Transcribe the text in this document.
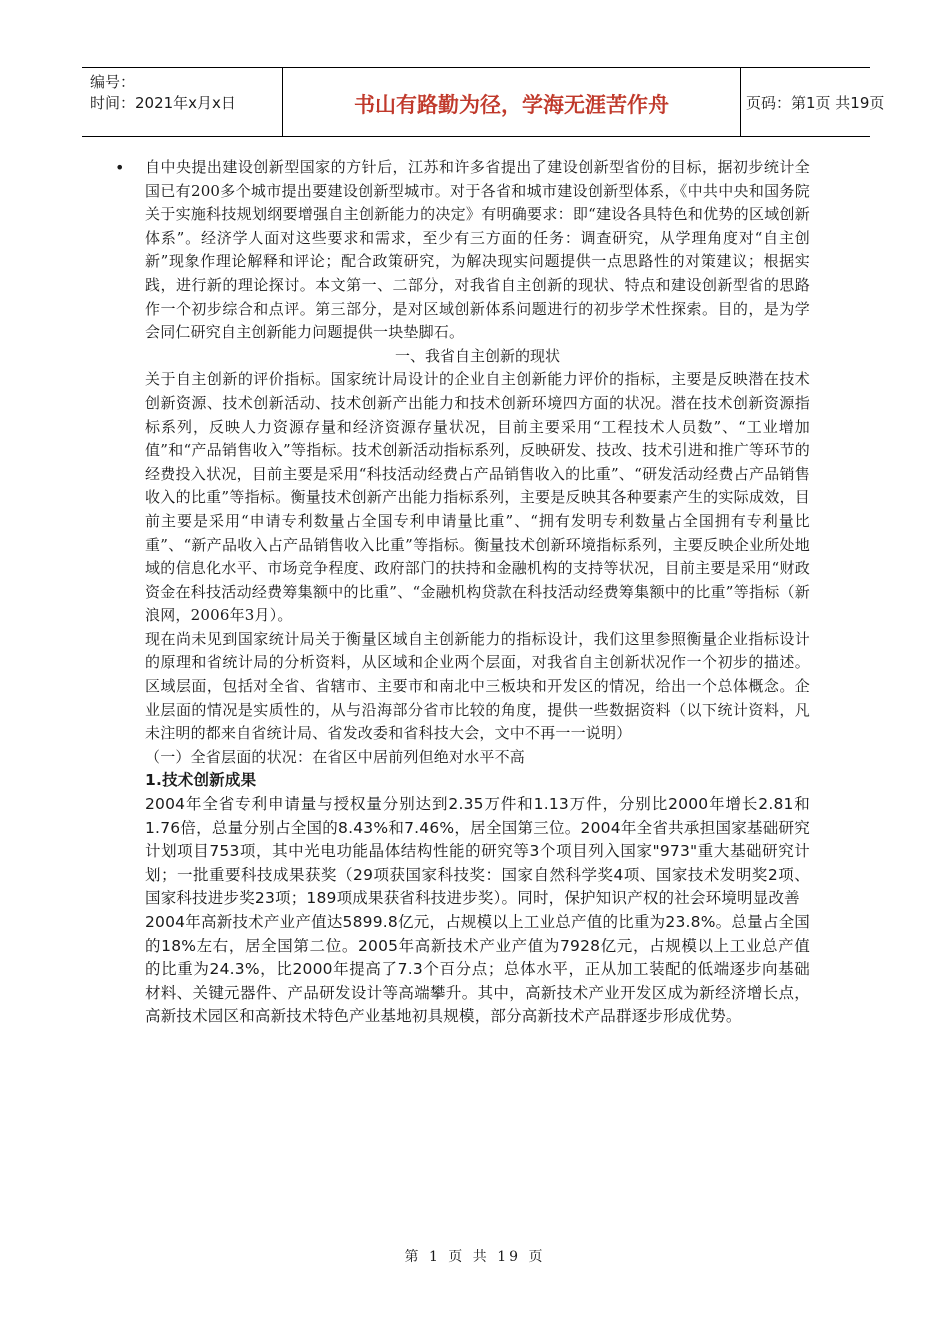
编号：
时间：2021年x月x日	书山有路勤为径，学海无涯苦作舟	页码：第1页 共19页
• 自中央提出建设创新型国家的方针后，江苏和许多省提出了建设创新型省份的目标，据初步统计全国已有200多个城市提出要建设创新型城市。对于各省和城市建设创新型体系，《中共中央和国务院关于实施科技规划纲要增强自主创新能力的决定》有明确要求：即“建设各具特色和优势的区域创新体系”。经济学人面对这些要求和需求，至少有三方面的任务：调查研究，从学理角度对“自主创新”现象作理论解释和评论；配合政策研究，为解决现实问题提供一点思路性的对策建议；根据实践，进行新的理论探讨。本文第一、二部分，对我省自主创新的现状、特点和建设创新型省的思路作一个初步综合和点评。第三部分，是对区域创新体系问题进行的初步学术性探索。目的，是为学会同仁研究自主创新能力问题提供一块垫脚石。

一、我省自主创新的现状

关于自主创新的评价指标。国家统计局设计的企业自主创新能力评价的指标，主要是反映潜在技术创新资源、技术创新活动、技术创新产出能力和技术创新环境四方面的状况。潜在技术创新资源指标系列，反映人力资源存量和经济资源存量状况，目前主要采用“工程技术人员数”、“工业增加值”和“产品销售收入”等指标。技术创新活动指标系列，反映研发、技改、技术引进和推广等环节的经费投入状况，目前主要是采用“科技活动经费占产品销售收入的比重”、“研发活动经费占产品销售收入的比重”等指标。衡量技术创新产出能力指标系列，主要是反映其各种要素产生的实际成效，目前主要是采用“申请专利数量占全国专利申请量比重”、“拥有发明专利数量占全国拥有专利量比重”、“新产品收入占产品销售收入比重”等指标。衡量技术创新环境指标系列，主要反映企业所处地域的信息化水平、市场竞争程度、政府部门的扶持和金融机构的支持等状况，目前主要是采用“财政资金在科技活动经费筹集额中的比重”、“金融机构贷款在科技活动经费筹集额中的比重”等指标（新浪网，2006年3月）。

现在尚未见到国家统计局关于衡量区域自主创新能力的指标设计，我们这里参照衡量企业指标设计的原理和省统计局的分析资料，从区域和企业两个层面，对我省自主创新状况作一个初步的描述。区域层面，包括对全省、省辖市、主要市和南北中三板块和开发区的情况，给出一个总体概念。企业层面的情况是实质性的，从与沿海部分省市比较的角度，提供一些数据资料（以下统计资料，凡未注明的都来自省统计局、省发改委和省科技大会，文中不再一一说明）

（一）全省层面的状况：在省区中居前列但绝对水平不高

1.技术创新成果

2004年全省专利申请量与授权量分别达到2.35万件和1.13万件，分别比2000年增长2.81和1.76倍，总量分别占全国的8.43%和7.46%，居全国第三位。2004年全省共承担国家基础研究计划项目753项，其中光电功能晶体结构性能的研究等3个项目列入国家"973"重大基础研究计划；一批重要科技成果获奖（29项获国家科技奖：国家自然科学奖4项、国家技术发明奖2项、国家科技进步奖23项；189项成果获省科技进步奖）。同时，保护知识产权的社会环境明显改善

2004年高新技术产业产值达5899.8亿元，占规模以上工业总产值的比重为23.8%。总量占全国的18%左右，居全国第二位。2005年高新技术产业产值为7928亿元，占规模以上工业总产值的比重为24.3%，比2000年提高了7.3个百分点；总体水平，正从加工装配的低端逐步向基础材料、关键元器件、产品研发设计等高端攀升。其中，高新技术产业开发区成为新经济增长点，高新技术园区和高新技术特色产业基地初具规模，部分高新技术产品群逐步形成优势。

第 1 页 共 19 页
